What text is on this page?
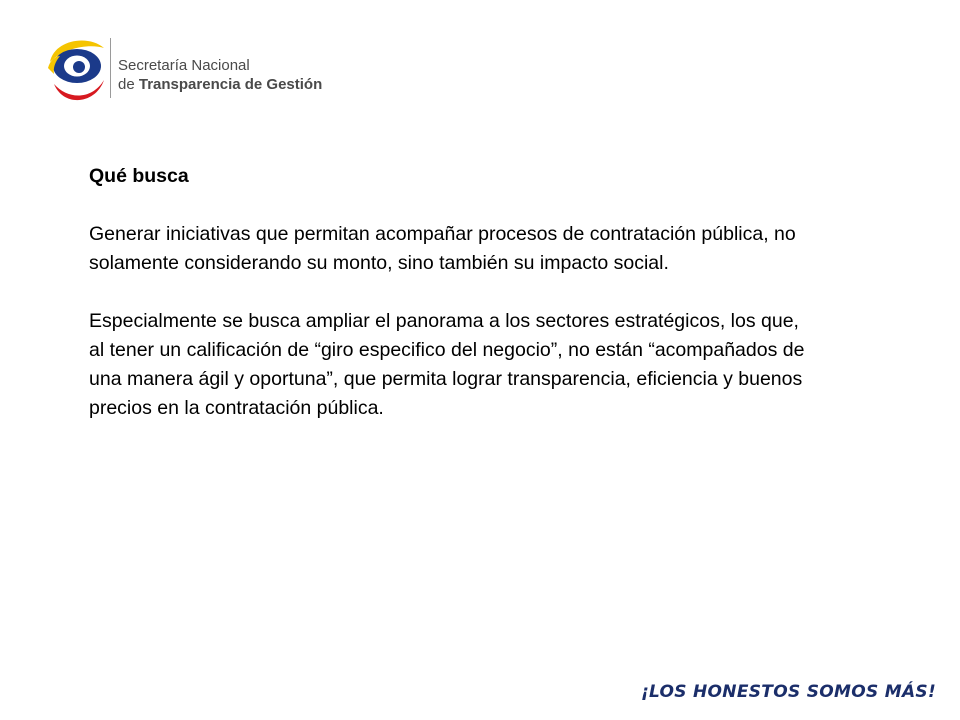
Secretaría Nacional
de Transparencia de Gestión

Qué busca

Generar iniciativas que permitan acompañar procesos de contratación pública, no solamente considerando su monto, sino también su impacto social.

Especialmente se busca ampliar el panorama a los sectores estratégicos, los que, al tener un calificación de “giro especifico del negocio”, no están “acompañados de una manera ágil y oportuna”, que permita lograr transparencia, eficiencia y buenos precios en la contratación pública.

¡LOS HONESTOS SOMOS MÁS!
